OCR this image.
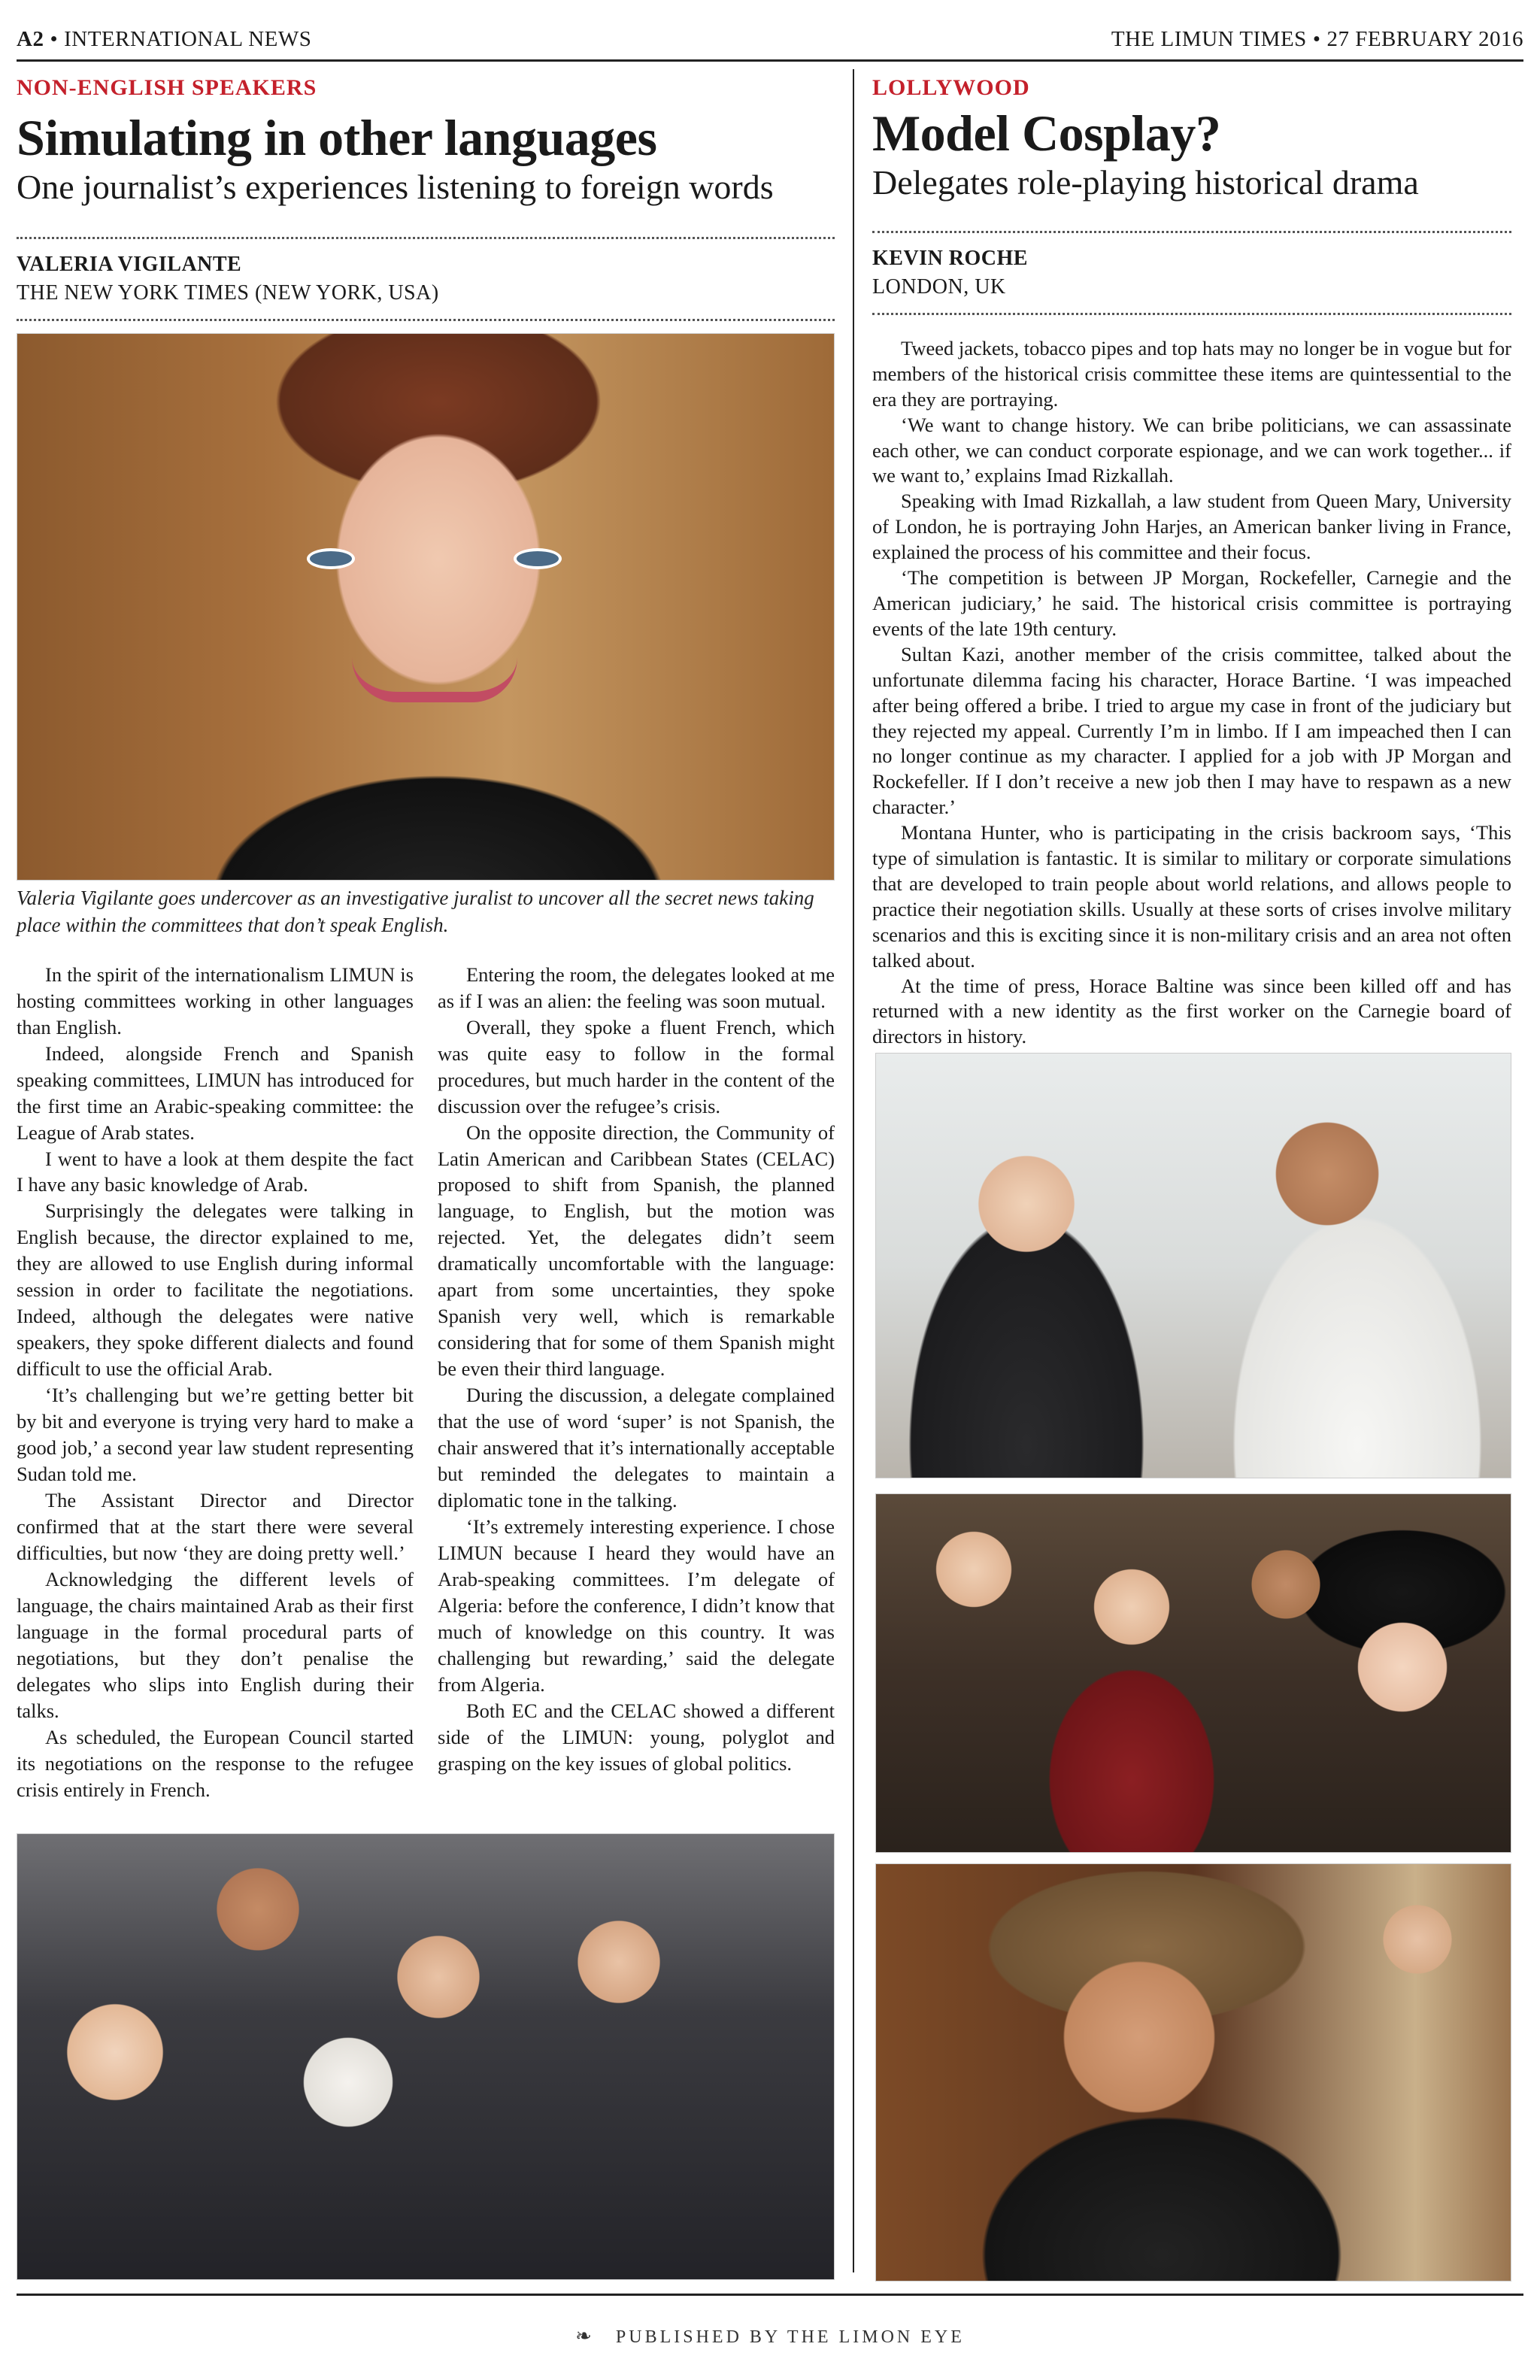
A2 • INTERNATIONAL NEWS	THE LIMUN TIMES • 27 FEBRUARY 2016
NON-ENGLISH SPEAKERS
Simulating in other languages
One journalist’s experiences listening to foreign words
VALERIA VIGILANTE
THE NEW YORK TIMES (NEW YORK, USA)
Valeria Vigilante goes undercover as an investigative juralist to uncover all the secret news taking place within the committees that don’t speak English.

In the spirit of the internationalism LIMUN is hosting committees working in other languages than English.

Indeed, alongside French and Spanish speaking committees, LIMUN has introduced for the first time an Arabic-speaking committee: the League of Arab states.

I went to have a look at them despite the fact I have any basic knowledge of Arab.

Surprisingly the delegates were talking in English because, the director explained to me, they are allowed to use English during informal session in order to facilitate the negotiations. Indeed, although the delegates were native speakers, they spoke different dialects and found difficult to use the official Arab.

‘It’s challenging but we’re getting better bit by bit and everyone is trying very hard to make a good job,’ a second year law student representing Sudan told me.

The Assistant Director and Director confirmed that at the start there were several difficulties, but now ‘they are doing pretty well.’

Acknowledging the different levels of language, the chairs maintained Arab as their first language in the formal procedural parts of negotiations, but they don’t penalise the delegates who slips into English during their talks.

As scheduled, the European Council started its negotiations on the response to the refugee crisis entirely in French.

Entering the room, the delegates looked at me as if I was an alien: the feeling was soon mutual.

Overall, they spoke a fluent French, which was quite easy to follow in the formal procedures, but much harder in the content of the discussion over the refugee’s crisis.

On the opposite direction, the Community of Latin American and Caribbean States (CELAC) proposed to shift from Spanish, the planned language, to English, but the motion was rejected. Yet, the delegates didn’t seem dramatically uncomfortable with the language: apart from some uncertainties, they spoke Spanish very well, which is remarkable considering that for some of them Spanish might be even their third language.

During the discussion, a delegate complained that the use of word ‘super’ is not Spanish, the chair answered that it’s internationally acceptable but reminded the delegates to maintain a diplomatic tone in the talking.

‘It’s extremely interesting experience. I chose LIMUN because I heard they would have an Arab-speaking committees. I’m delegate of Algeria: before the conference, I didn’t know that much of knowledge on this country. It was challenging but rewarding,’ said the delegate from Algeria.

Both EC and the CELAC showed a different side of the LIMUN: young, polyglot and grasping on the key issues of global politics.

LOLLYWOOD
Model Cosplay?
Delegates role-playing historical drama
KEVIN ROCHE
LONDON, UK

Tweed jackets, tobacco pipes and top hats may no longer be in vogue but for members of the historical crisis committee these items are quintessential to the era they are portraying.

‘We want to change history. We can bribe politicians, we can assassinate each other, we can conduct corporate espionage, and we can work together... if we want to,’ explains Imad Rizkallah.

Speaking with Imad Rizkallah, a law student from Queen Mary, University of London, he is portraying John Harjes, an American banker living in France, explained the process of his committee and their focus.

‘The competition is between JP Morgan, Rockefeller, Carnegie and the American judiciary,’ he said. The historical crisis committee is portraying events of the late 19th century.

Sultan Kazi, another member of the crisis committee, talked about the unfortunate dilemma facing his character, Horace Bartine. ‘I was impeached after being offered a bribe. I tried to argue my case in front of the judiciary but they rejected my appeal. Currently I’m in limbo. If I am impeached then I can no longer continue as my character. I applied for a job with JP Morgan and Rockefeller. If I don’t receive a new job then I may have to respawn as a new character.’

Montana Hunter, who is participating in the crisis backroom says, ‘This type of simulation is fantastic. It is similar to military or corporate simulations that are developed to train people about world relations, and allows people to practice their negotiation skills. Usually at these sorts of crises involve military scenarios and this is exciting since it is non-military crisis and an area not often talked about.

At the time of press, Horace Baltine was since been killed off and has returned with a new identity as the first worker on the Carnegie board of directors in history.

❧ PUBLISHED BY THE LIMON EYE
